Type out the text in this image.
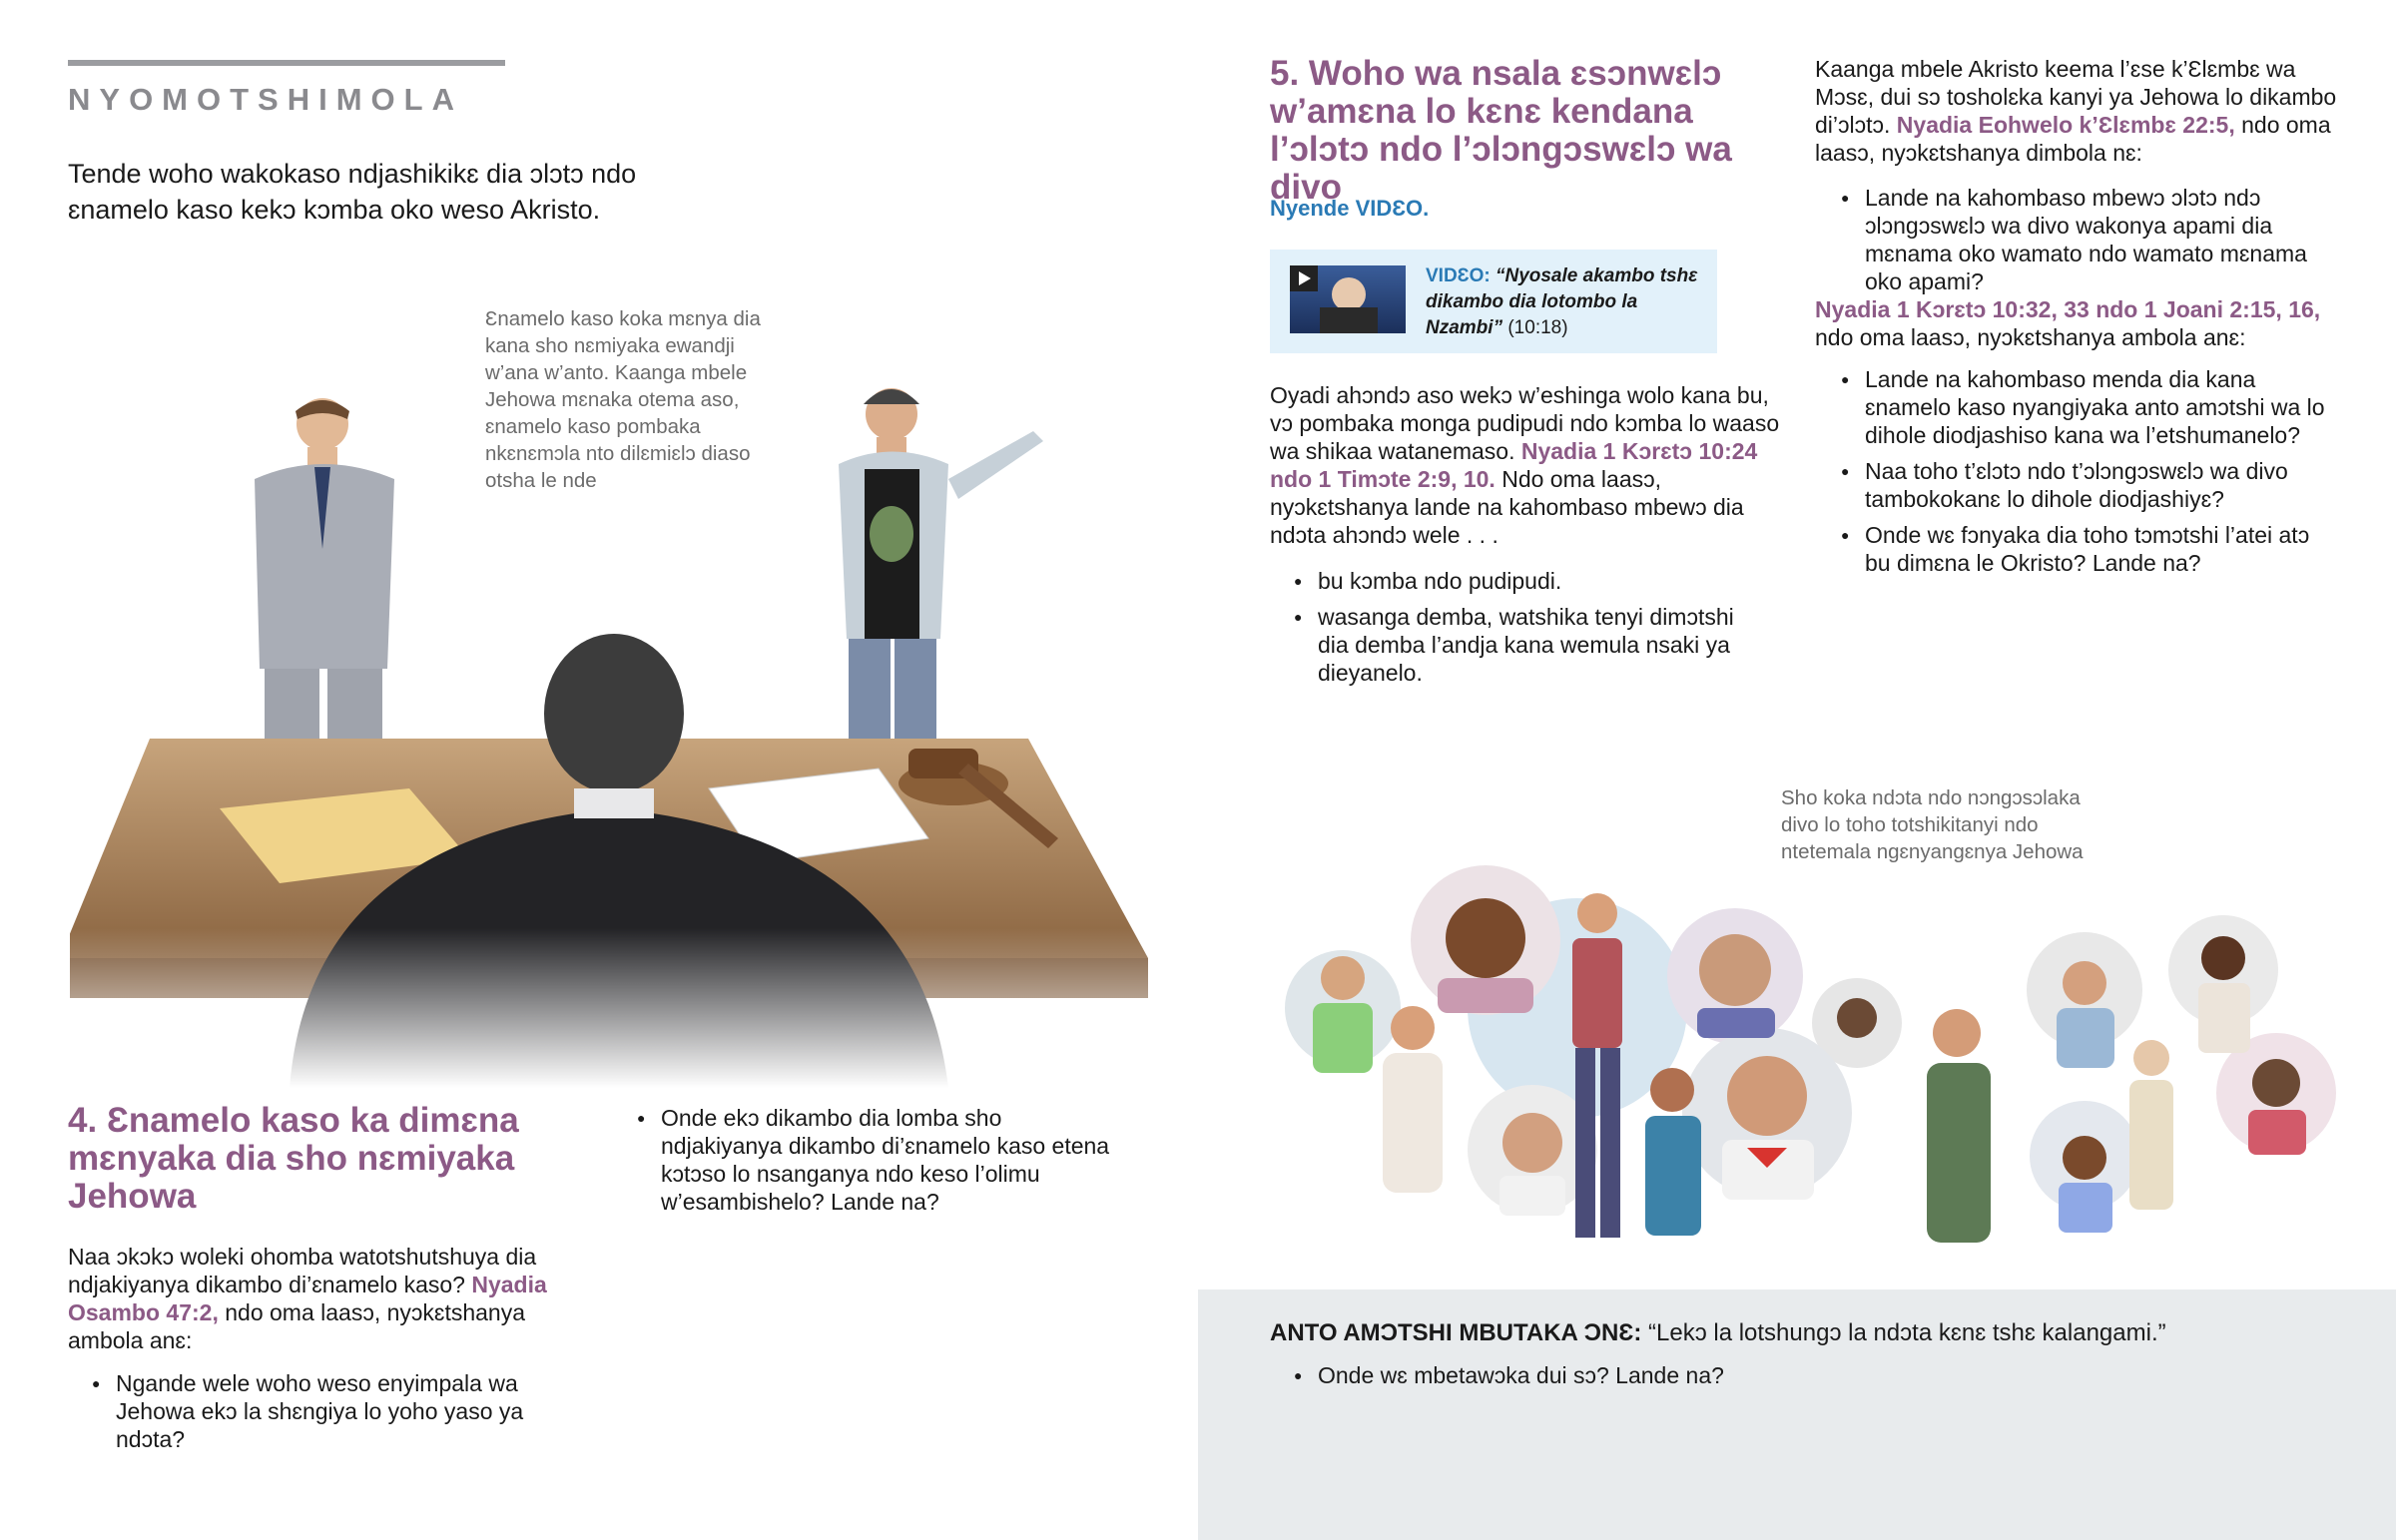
NYOMOTSHIMOLA

Tende woho wakokaso ndjashikikɛ dia ɔlɔtɔ ndo ɛnamelo kaso kekɔ kɔmba oko weso Akristo.

Ɛnamelo kaso koka mɛnya dia kana sho nɛmiyaka ewandji w’ana w’anto. Kaanga mbele Jehowa mɛnaka otema aso, ɛnamelo kaso pombaka nkɛnɛmɔla nto dilɛmiɛlɔ diaso otsha le nde
4. Ɛnamelo kaso ka dimɛna mɛnyaka dia sho nɛmiyaka Jehowa

Naa ɔkɔkɔ woleki ohomba watotshutshuya dia ndjakiyanya dikambo di’ɛnamelo kaso? Nyadia Osambo 47:2, ndo oma laasɔ, nyɔkɛtshanya ambola anɛ:

● Ngande wele woho weso enyimpala wa Jehowa ekɔ la shɛngiya lo yoho yaso ya ndɔta?
● Onde ekɔ dikambo dia lomba sho ndjakiyanya dikambo di’ɛnamelo kaso etena kɔtɔso lo nsanganya ndo keso l’olimu w’esambishelo? Lande na?
5. Woho wa nsala ɛsɔnwɛlɔ w’amɛna lo kɛnɛ kendana l’ɔlɔtɔ ndo l’ɔlɔngɔswɛlɔ wa divo
Nyende VIDƐO.
VIDƐO: “Nyosale akambo tshɛ dikambo dia lotombo la Nzambi” (10:18)

Oyadi ahɔndɔ aso wekɔ w’eshinga wolo kana bu, vɔ pombaka monga pudipudi ndo kɔmba lo waaso wa shikaa watanemaso. Nyadia 1 Kɔrɛtɔ 10:24 ndo 1 Timɔte 2:9, 10. Ndo oma laasɔ, nyɔkɛtshanya lande na kahombaso mbewɔ dia ndɔta ahɔndɔ wele . . .

● bu kɔmba ndo pudipudi.
● wasanga demba, watshika tenyi dimɔtshi dia demba l’andja kana wemula nsaki ya dieyanelo.

Kaanga mbele Akristo keema l’ɛse k’Ɛlɛmbɛ wa Mɔsɛ, dui sɔ tosholɛka kanyi ya Jehowa lo dikambo di’ɔlɔtɔ. Nyadia Eohwelo k’Ɛlɛmbɛ 22:5, ndo oma laasɔ, nyɔkɛtshanya dimbola nɛ:

● Lande na kahombaso mbewɔ ɔlɔtɔ ndɔ ɔlɔngɔswɛlɔ wa divo wakonya apami dia mɛnama oko wamato ndo wamato mɛnama oko apami?

Nyadia 1 Kɔrɛtɔ 10:32, 33 ndo 1 Joani 2:15, 16, ndo oma laasɔ, nyɔkɛtshanya ambola anɛ:

● Lande na kahombaso menda dia kana ɛnamelo kaso nyangiyaka anto amɔtshi wa lo dihole diodjashiso kana wa l’etshumanelo?
● Naa toho t’ɛlɔtɔ ndo t’ɔlɔngɔswɛlɔ wa divo tambokokanɛ lo dihole diodjashiyɛ?
● Onde wɛ fɔnyaka dia toho tɔmɔtshi l’atei atɔ bu dimɛna le Okristo? Lande na?
Sho koka ndɔta ndo nɔngɔsɔlaka divo lo toho totshikitanyi ndo ntetemala ngɛnyangɛnya Jehowa
ANTO AMƆTSHI MBUTAKA ƆNƐ: “Lekɔ la lotshungɔ la ndɔta kɛnɛ tshɛ kalangami.”
● Onde wɛ mbetawɔka dui sɔ? Lande na?
